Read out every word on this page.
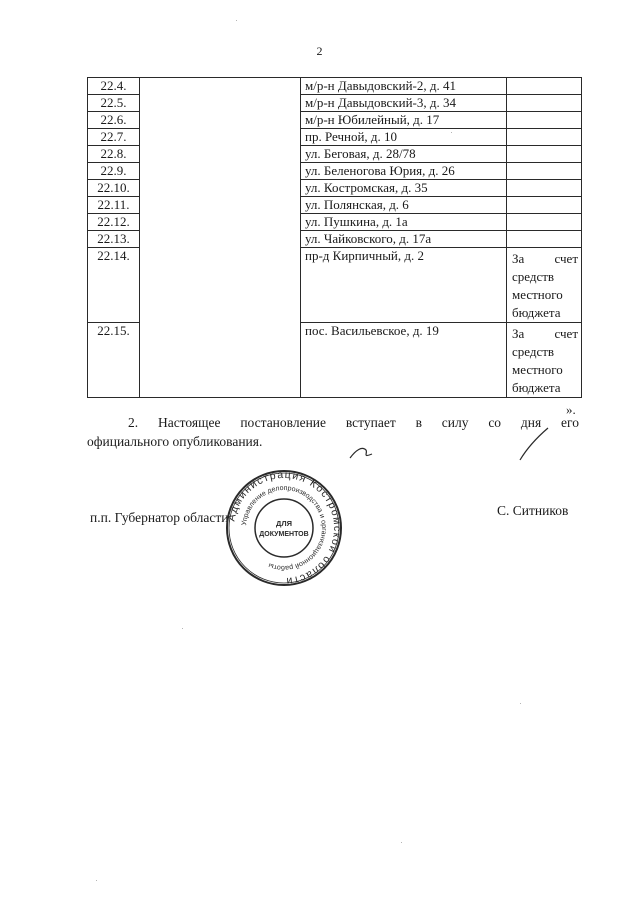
2
22.4.		м/р-н Давыдовский-2, д. 41	
22.5.		м/р-н Давыдовский-3, д. 34	
22.6.		м/р-н Юбилейный, д. 17	
22.7.		пр. Речной, д. 10	
22.8.		ул. Беговая, д. 28/78	
22.9.		ул. Беленогова Юрия, д. 26	
22.10.		ул. Костромская, д. 35	
22.11.		ул. Полянская, д. 6	
22.12.		ул. Пушкина, д. 1а	
22.13.		ул. Чайковского, д. 17а	
22.14.		пр-д Кирпичный, д. 2	За счет
средств
местного
бюджета

22.15.		пос. Васильевское, д. 19	За счет
средств
местного
бюджета
».
2. Настоящее постановление вступает в силу со дня его
официального опубликования.
п.п. Губернатор области	С. Ситников
Администрация Костромской области
Управление делопроизводства и организационной работы
ДЛЯ
ДОКУМЕНТОВ
